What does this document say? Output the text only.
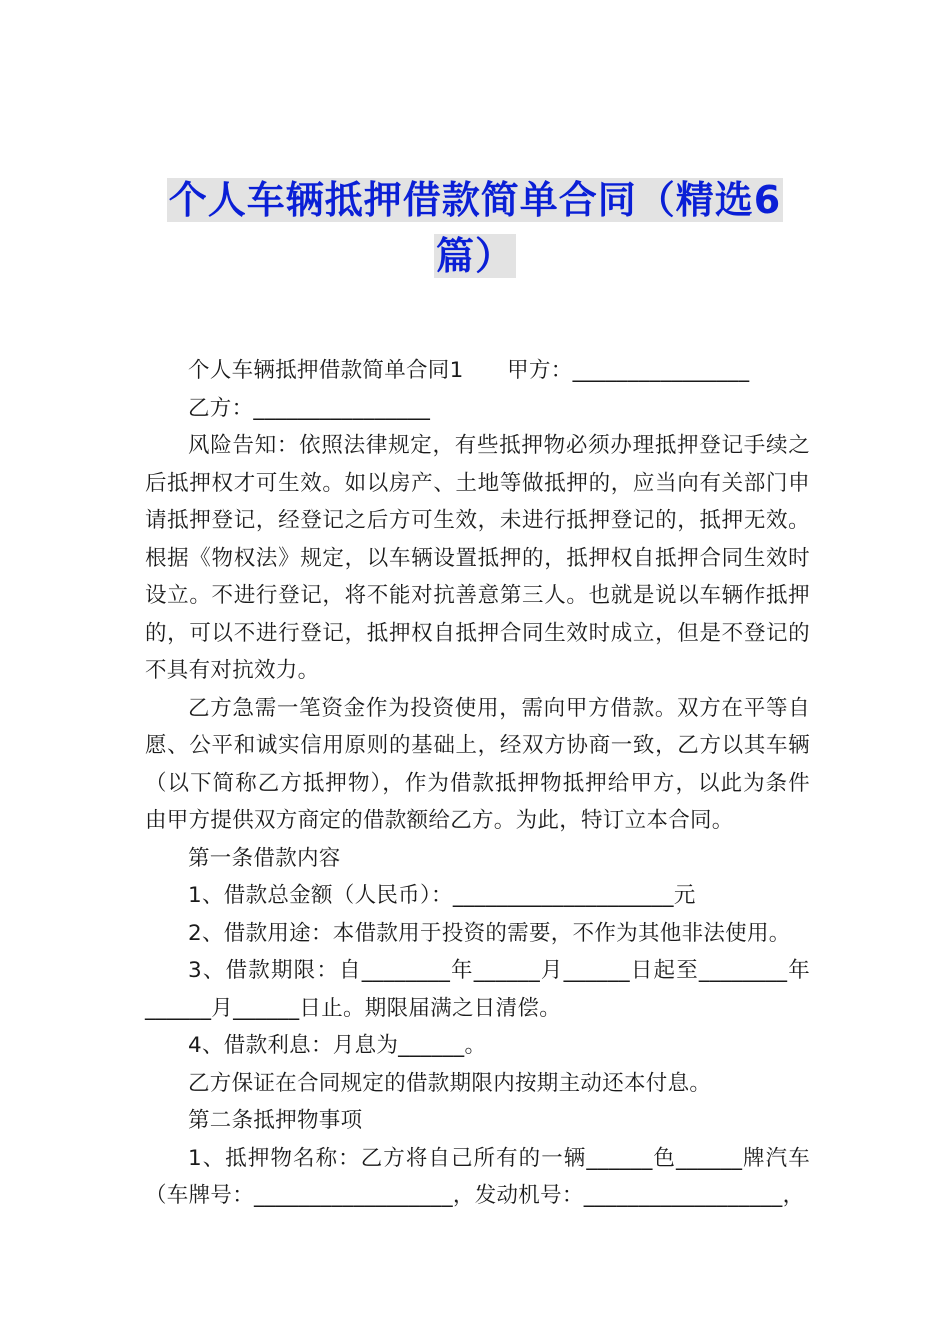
个人车辆抵押借款简单合同（精选6
篇）

个人车辆抵押借款简单合同1　　甲方：________________

乙方：________________

风险告知：依照法律规定，有些抵押物必须办理抵押登记手续之后抵押权才可生效。如以房产、土地等做抵押的，应当向有关部门申请抵押登记，经登记之后方可生效，未进行抵押登记的，抵押无效。根据《物权法》规定，以车辆设置抵押的，抵押权自抵押合同生效时设立。不进行登记，将不能对抗善意第三人。也就是说以车辆作抵押的，可以不进行登记，抵押权自抵押合同生效时成立，但是不登记的不具有对抗效力。

乙方急需一笔资金作为投资使用，需向甲方借款。双方在平等自愿、公平和诚实信用原则的基础上，经双方协商一致，乙方以其车辆（以下简称乙方抵押物），作为借款抵押物抵押给甲方，以此为条件由甲方提供双方商定的借款额给乙方。为此，特订立本合同。

第一条借款内容

1、借款总金额（人民币）：____________________元

2、借款用途：本借款用于投资的需要，不作为其他非法使用。

3、借款期限：自________年______月______日起至________年______月______日止。期限届满之日清偿。

4、借款利息：月息为______。

乙方保证在合同规定的借款期限内按期主动还本付息。

第二条抵押物事项

1、抵押物名称：乙方将自己所有的一辆______色______牌汽车（车牌号：__________________，发动机号：__________________，
